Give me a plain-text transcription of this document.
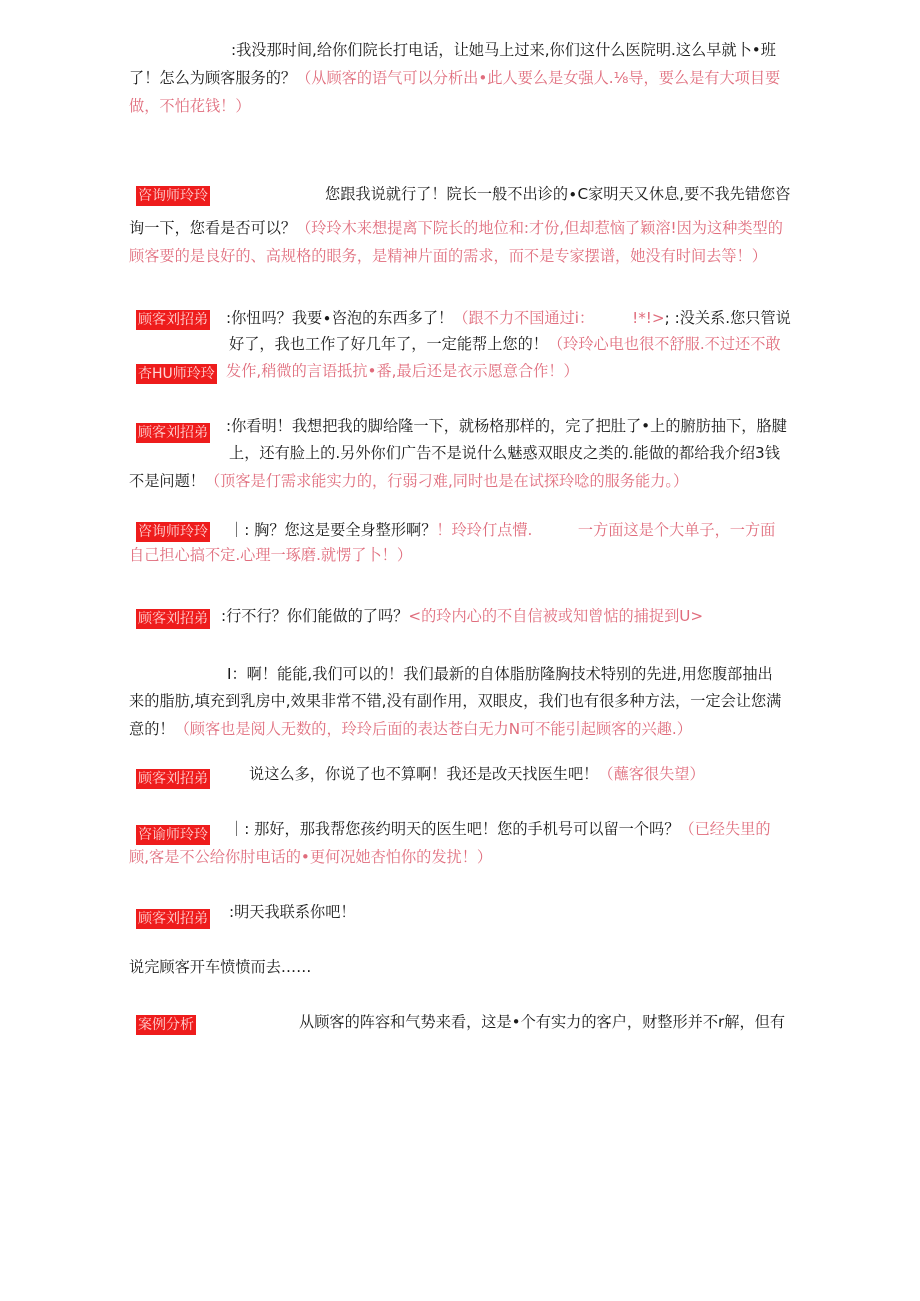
:我没那时间,给你们院长打电话，让她马上过来,你们这什么医院明.这么早就卜•班
了！怎么为顾客服务的？（从顾客的语气可以分析出•此人要么是女强人.⅛导，要么是有大项目要
做，不怕花钱！）
咨询师玲玲	您跟我说就行了！院长一般不出诊的∙C家明天又休息,要不我先错您咨
询一下，您看是否可以？（玲玲木来想提离下院长的地位和:才份,但却惹恼了颖溶!因为这种类型的
顾客要的是良好的、高规格的眼务，是精神片面的需求，而不是专家摆谱，她没有时间去等！）
顾客刘招弟
杏HU师玲玲
:你忸吗？我要∙咨泡的东西多了！（跟不力不国通过i：　　　!*!>; :没关系.您只管说
好了，我也工作了好几年了，一定能帮上您的！（玲玲心电也很不舒服.不过还不敢
发作,稍微的言语抵抗•番,最后还是衣示愿意合作！）
顾客刘招弟	:你看明！我想把我的脚给隆一下，就杨格那样的，完了把肚了•上的腑肪抽下，胳腱
上，还有脸上的.另外你们广告不是说什么魅惑双眼皮之类的.能做的都给我介绍3钱
不是问题！（顶客是仃需求能实力的，行弱刁难,同时也是在试探玲唸的服务能力。）
咨询师玲玲	｜: 胸？您这是要全身整形啊？！玲玲仃点懵.　　　一方面这是个大单子，一方面
自己担心搞不定.心理一琢磨.就愣了卜！）
顾客刘招弟 :行不行？你们能做的了吗？<的玲内心的不自信被或知曾惦的捕捉到U>
I：啊！能能,我们可以的！我们最新的自体脂肪隆胸技术特别的先进,用您腹部抽出
来的脂肪,填充到乳房中,效果非常不错,没有副作用，双眼皮，我们也有很多种方法，一定会让您满
意的！（顾客也是阅人无数的，玲玲后面的表达苍白无力N可不能引起顾客的兴趣.）
顾客刘招弟	说这么多，你说了也不算啊！我还是改天找医生吧！（蘸客很失望）
咨谕师玲玲	｜: 那好，那我帮您孩约明天的医生吧！您的手机号可以留一个吗？（已经失里的
顾,客是不公给你肘电话的•更何况她杏怕你的发扰！）
顾客刘招弟	:明天我联系你吧！
说完顾客开车愤愤而去……
案例分析	从顾客的阵容和气势来看，这是•个有实力的客户，财整形并不r解，但有
